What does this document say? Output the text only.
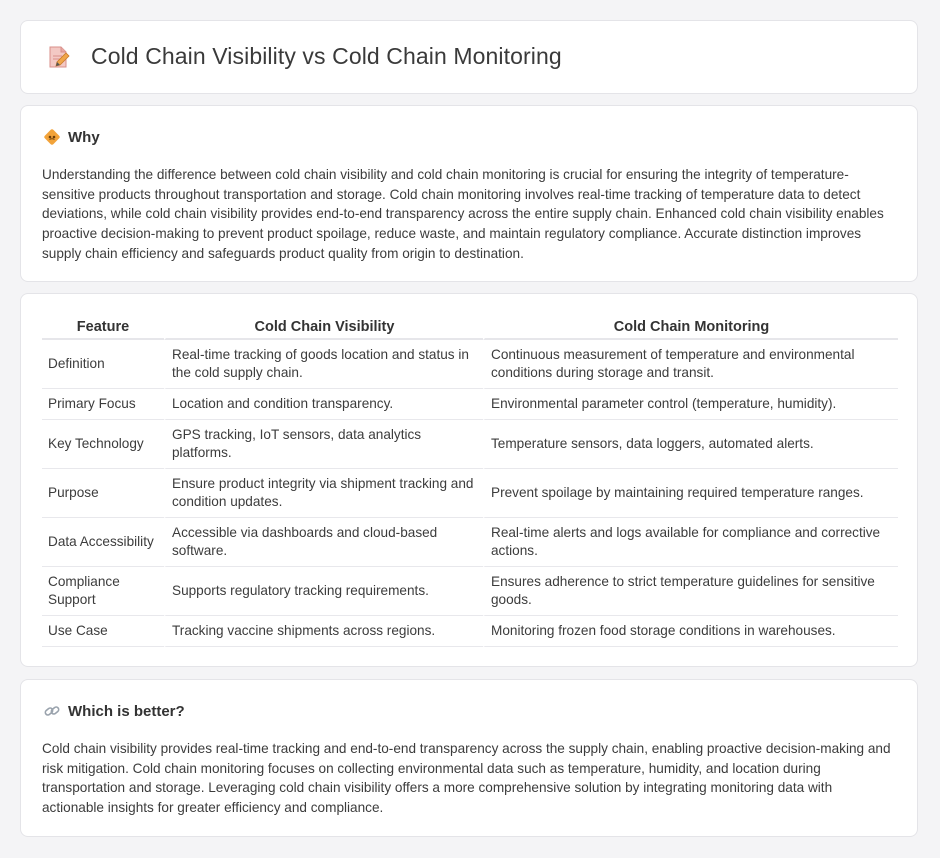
Cold Chain Visibility vs Cold Chain Monitoring
Why

Understanding the difference between cold chain visibility and cold chain monitoring is crucial for ensuring the integrity of temperature-sensitive products throughout transportation and storage. Cold chain monitoring involves real-time tracking of temperature data to detect deviations, while cold chain visibility provides end-to-end transparency across the entire supply chain. Enhanced cold chain visibility enables proactive decision-making to prevent product spoilage, reduce waste, and maintain regulatory compliance. Accurate distinction improves supply chain efficiency and safeguards product quality from origin to destination.

Feature	Cold Chain Visibility	Cold Chain Monitoring
Definition	Real-time tracking of goods location and status in the cold supply chain.	Continuous measurement of temperature and environmental conditions during storage and transit.
Primary Focus	Location and condition transparency.	Environmental parameter control (temperature, humidity).
Key Technology	GPS tracking, IoT sensors, data analytics platforms.	Temperature sensors, data loggers, automated alerts.
Purpose	Ensure product integrity via shipment tracking and condition updates.	Prevent spoilage by maintaining required temperature ranges.
Data Accessibility	Accessible via dashboards and cloud-based software.	Real-time alerts and logs available for compliance and corrective actions.
Compliance Support	Supports regulatory tracking requirements.	Ensures adherence to strict temperature guidelines for sensitive goods.
Use Case	Tracking vaccine shipments across regions.	Monitoring frozen food storage conditions in warehouses.
Which is better?

Cold chain visibility provides real-time tracking and end-to-end transparency across the supply chain, enabling proactive decision-making and risk mitigation. Cold chain monitoring focuses on collecting environmental data such as temperature, humidity, and location during transportation and storage. Leveraging cold chain visibility offers a more comprehensive solution by integrating monitoring data with actionable insights for greater efficiency and compliance.
